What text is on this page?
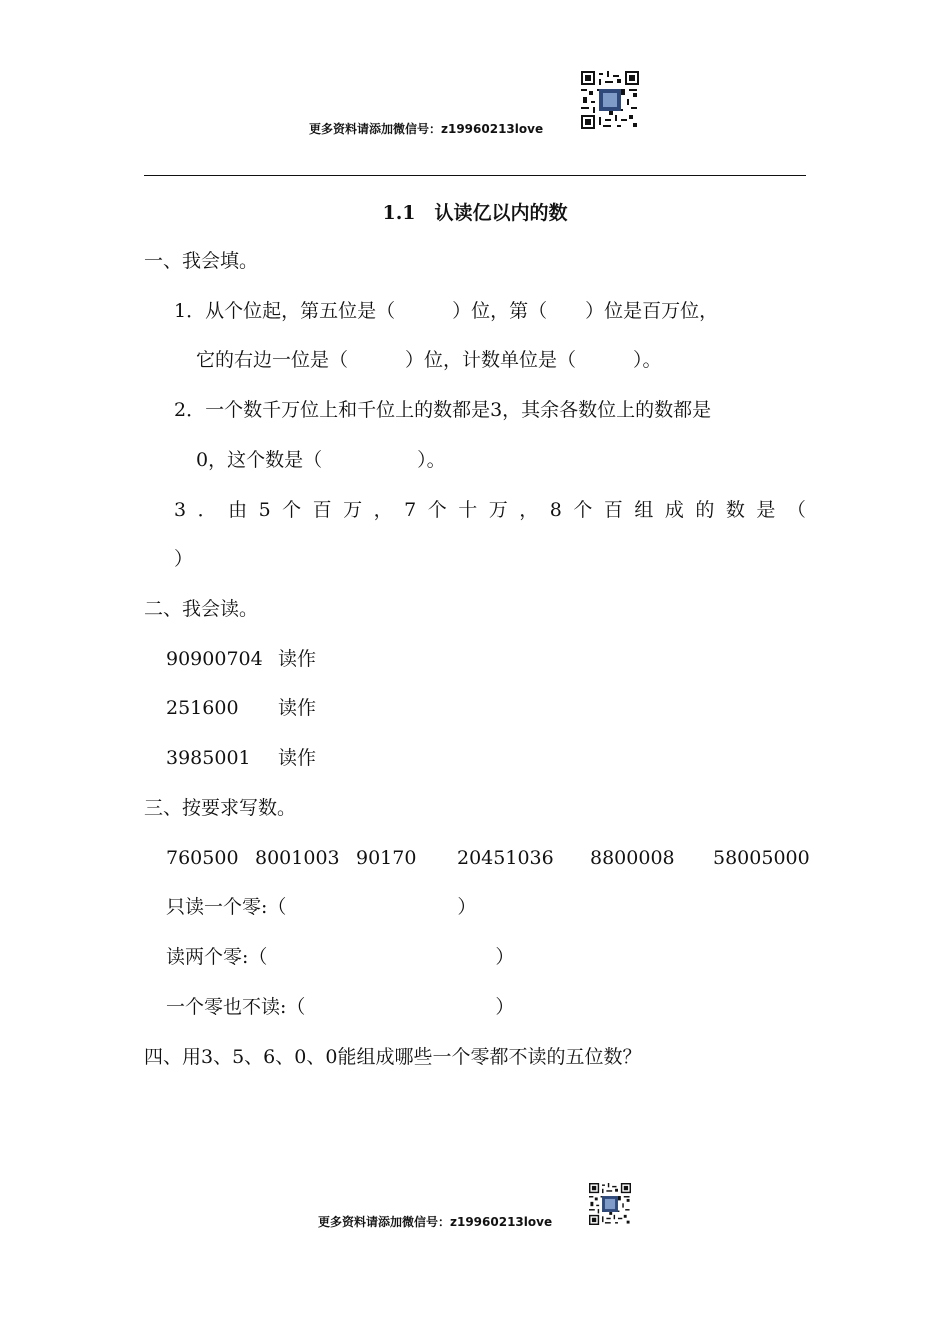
更多资料请添加微信号：z19960213love
1.1　认读亿以内的数
一、我会填。
1．从个位起，第五位是（　　　）位，第（　　）位是百万位，
它的右边一位是（　　　）位，计数单位是（　　　）。
2．一个数千万位上和千位上的数都是3，其余各数位上的数都是
0，这个数是（　　　　　）。
3 ． 由 5 个 百 万 ， 7 个 十 万 ， 8 个 百 组 成 的 数 是 （
）
二、我会读。
90900704 读作
251600 读作
3985001 读作
三、按要求写数。
760500 8001003 90170 20451036 8800008 58005000
只读一个零:（　　　　　　　　　）
读两个零:（　　　　　　　　　　　　）
一个零也不读:（　　　　　　　　　　）
四、用3、5、6、0、0能组成哪些一个零都不读的五位数？
更多资料请添加微信号：z19960213love
